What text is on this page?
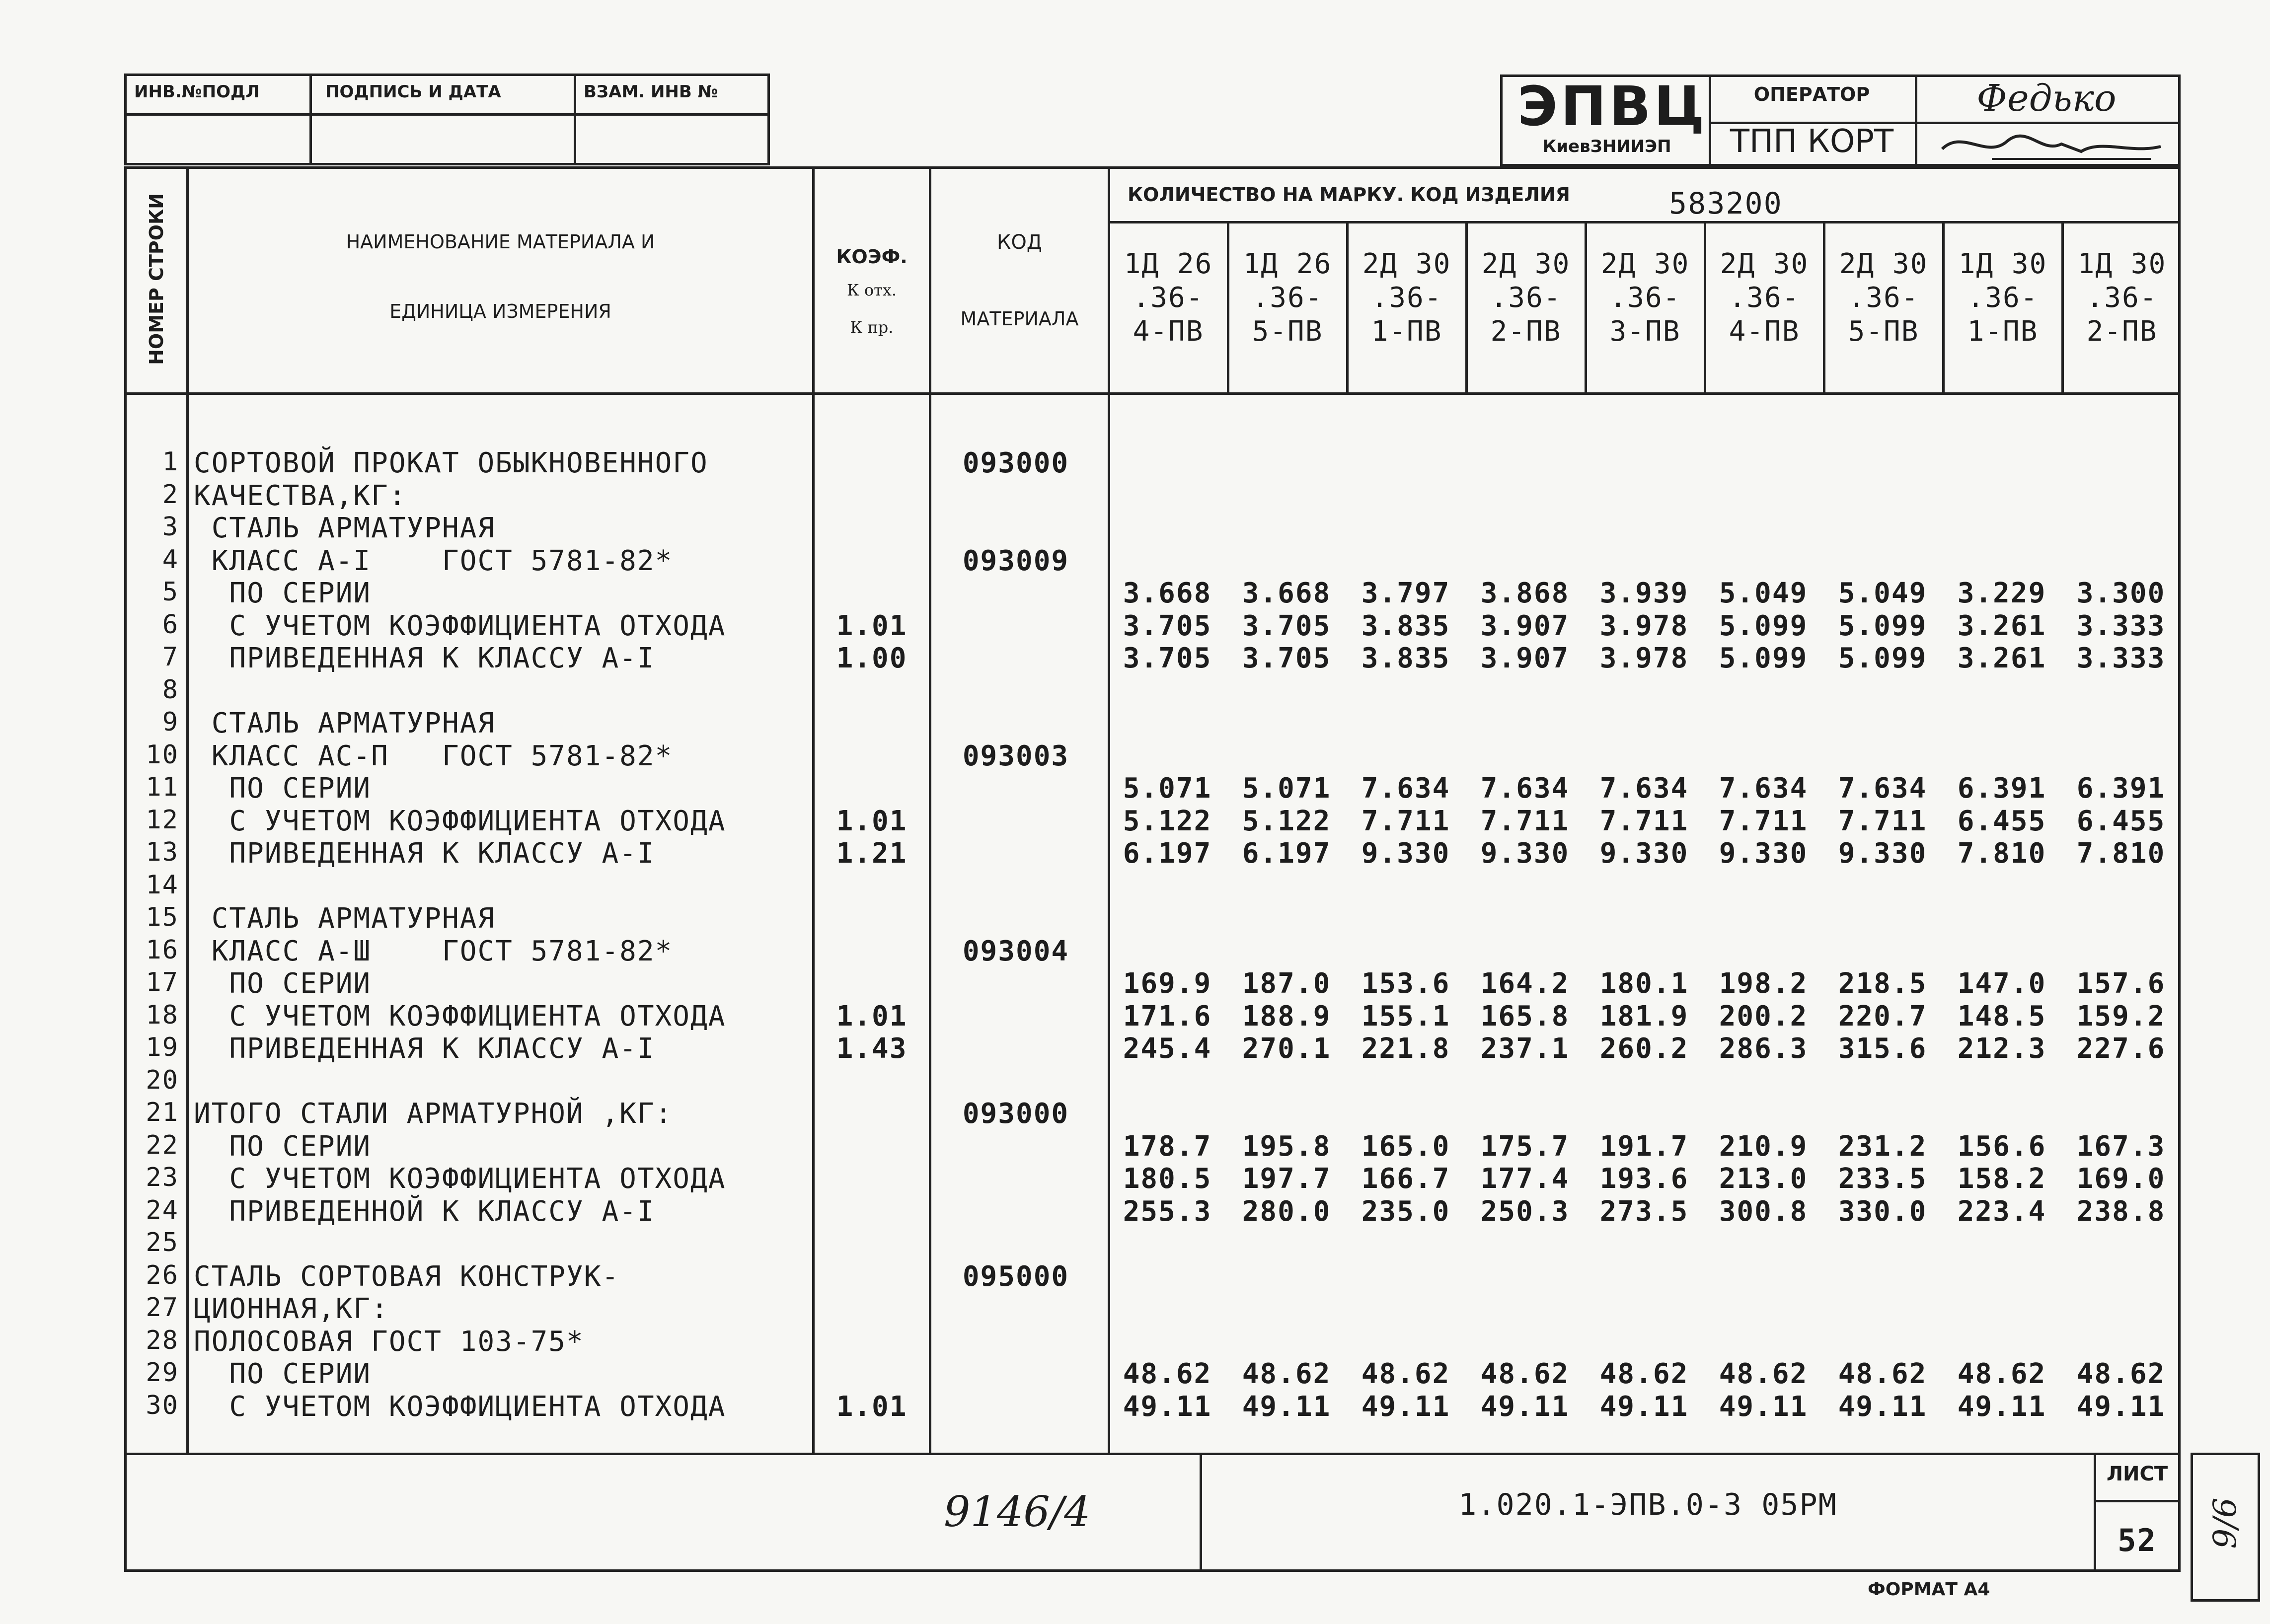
ИНВ.№ПОДЛ	ПОДПИСЬ И ДАТА	ВЗАМ. ИНВ №	ЭПВЦ
КиевЗНИИЭП
ОПЕРАТОР
ТПП КОРТ
Федько
НОМЕР СТРОКИ	НАИМЕНОВАНИЕ МАТЕРИАЛА И
ЕДИНИЦА ИЗМЕРЕНИЯ
КОЭФ.
К отх.
К пр.
КОД
МАТЕРИАЛА
КОЛИЧЕСТВО НА МАРКУ. КОД ИЗДЕЛИЯ	583200
1Д 26
.36-
4-ПВ
1Д 26
.36-
5-ПВ
2Д 30
.36-
1-ПВ
2Д 30
.36-
2-ПВ
2Д 30
.36-
3-ПВ
2Д 30
.36-
4-ПВ
2Д 30
.36-
5-ПВ
1Д 30
.36-
1-ПВ
1Д 30
.36-
2-ПВ
1 СОРТОВОЙ ПРОКАТ ОБЫКНОВЕННОГО	093000
2 КАЧЕСТВА,КГ:
3 СТАЛЬ АРМАТУРНАЯ
4 КЛАСС А-I    ГОСТ 5781-82*	093009
5 ПО СЕРИИ	3.668	3.668	3.797	3.868	3.939	5.049	5.049	3.229	3.300
6 С УЧЕТОМ КОЭФФИЦИЕНТА ОТХОДА	1.01	3.705	3.705	3.835	3.907	3.978	5.099	5.099	3.261	3.333
7 ПРИВЕДЕННАЯ К КЛАССУ А-I	1.00	3.705	3.705	3.835	3.907	3.978	5.099	5.099	3.261	3.333
8
9 СТАЛЬ АРМАТУРНАЯ
10 КЛАСС АС-П   ГОСТ 5781-82*	093003
11 ПО СЕРИИ	5.071	5.071	7.634	7.634	7.634	7.634	7.634	6.391	6.391
12 С УЧЕТОМ КОЭФФИЦИЕНТА ОТХОДА	1.01	5.122	5.122	7.711	7.711	7.711	7.711	7.711	6.455	6.455
13 ПРИВЕДЕННАЯ К КЛАССУ А-I	1.21	6.197	6.197	9.330	9.330	9.330	9.330	9.330	7.810	7.810
14
15 СТАЛЬ АРМАТУРНАЯ
16 КЛАСС А-Ш    ГОСТ 5781-82*	093004
17 ПО СЕРИИ	169.9	187.0	153.6	164.2	180.1	198.2	218.5	147.0	157.6
18 С УЧЕТОМ КОЭФФИЦИЕНТА ОТХОДА	1.01	171.6	188.9	155.1	165.8	181.9	200.2	220.7	148.5	159.2
19 ПРИВЕДЕННАЯ К КЛАССУ А-I	1.43	245.4	270.1	221.8	237.1	260.2	286.3	315.6	212.3	227.6
20
21 ИТОГО СТАЛИ АРМАТУРНОЙ ,КГ:	093000
22 ПО СЕРИИ	178.7	195.8	165.0	175.7	191.7	210.9	231.2	156.6	167.3
23 С УЧЕТОМ КОЭФФИЦИЕНТА ОТХОДА	180.5	197.7	166.7	177.4	193.6	213.0	233.5	158.2	169.0
24 ПРИВЕДЕННОЙ К КЛАССУ А-I	255.3	280.0	235.0	250.3	273.5	300.8	330.0	223.4	238.8
25
26 СТАЛЬ СОРТОВАЯ КОНСТРУК-	095000
27 ЦИОННАЯ,КГ:
28 ПОЛОСОВАЯ ГОСТ 103-75*
29 ПО СЕРИИ	48.62	48.62	48.62	48.62	48.62	48.62	48.62	48.62	48.62
30 С УЧЕТОМ КОЭФФИЦИЕНТА ОТХОДА	1.01	49.11	49.11	49.11	49.11	49.11	49.11	49.11	49.11	49.11
9146/4	1.020.1-ЭПВ.0-3 05РМ
ЛИСТ
52
ФОРМАТ А4
9/6
